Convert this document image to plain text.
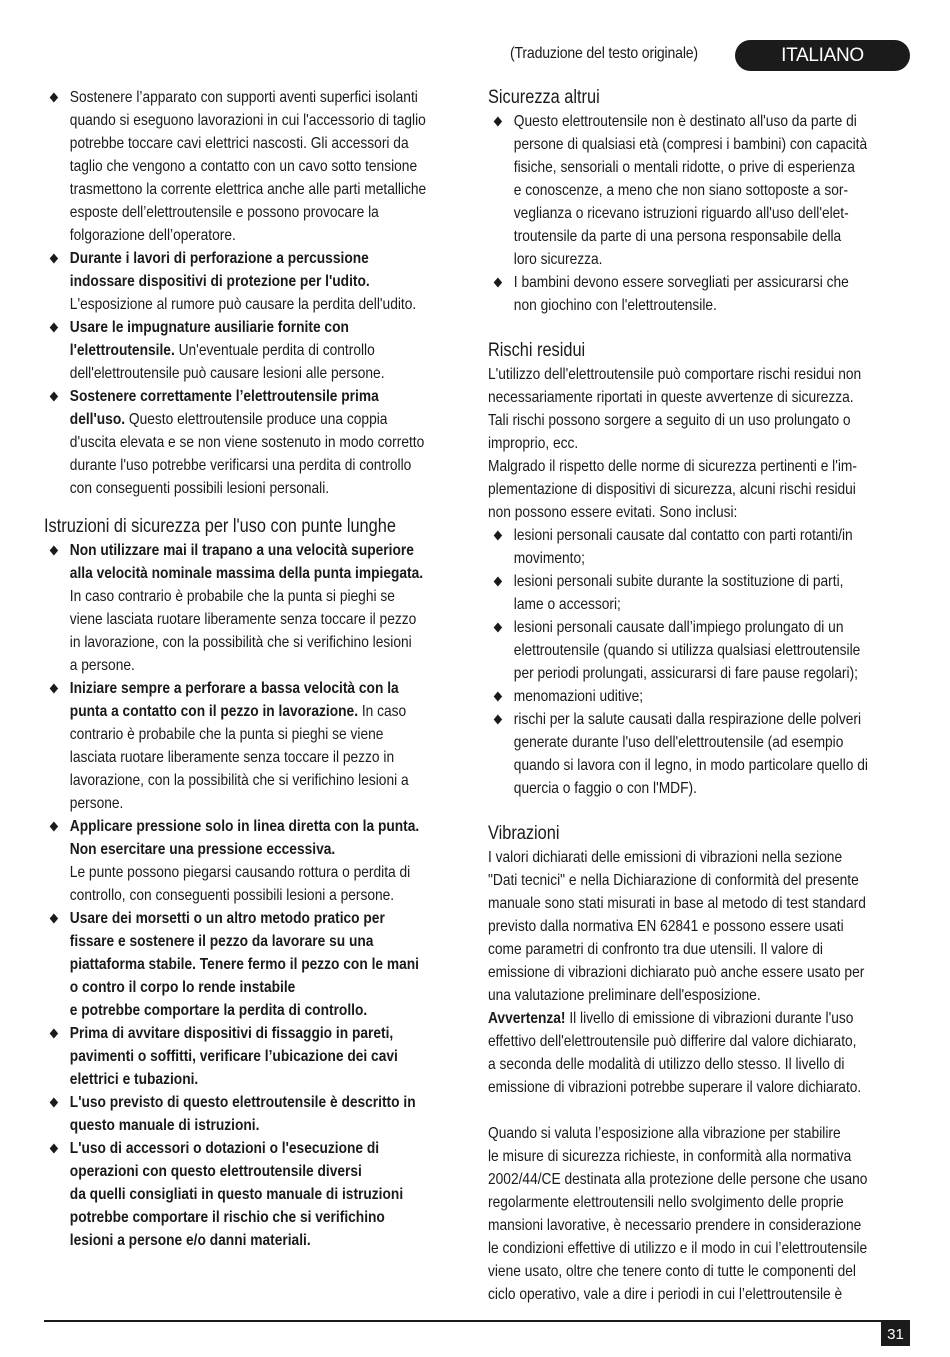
(Traduzione del testo originale)	ITALIANO
Sostenere l’apparato con supporti aventi superfici isolanti
quando si eseguono lavorazioni in cui l'accessorio di taglio
potrebbe toccare cavi elettrici nascosti. Gli accessori da
taglio che vengono a contatto con un cavo sotto tensione
trasmettono la corrente elettrica anche alle parti metalliche
esposte dell’elettroutensile e possono provocare la
folgorazione dell’operatore.
Durante i lavori di perforazione a percussione
indossare dispositivi di protezione per l'udito.
L'esposizione al rumore può causare la perdita dell'udito.
Usare le impugnature ausiliarie fornite con
l'elettroutensile. Un'eventuale perdita di controllo
dell'elettroutensile può causare lesioni alle persone.
Sostenere correttamente l’elettroutensile prima
dell'uso. Questo elettroutensile produce una coppia
d'uscita elevata e se non viene sostenuto in modo corretto
durante l'uso potrebbe verificarsi una perdita di controllo
con conseguenti possibili lesioni personali.
Istruzioni di sicurezza per l'uso con punte lunghe
Non utilizzare mai il trapano a una velocità superiore
alla velocità nominale massima della punta impiegata.
In caso contrario è probabile che la punta si pieghi se
viene lasciata ruotare liberamente senza toccare il pezzo
in lavorazione, con la possibilità che si verifichino lesioni
a persone.
Iniziare sempre a perforare a bassa velocità con la
punta a contatto con il pezzo in lavorazione. In caso
contrario è probabile che la punta si pieghi se viene
lasciata ruotare liberamente senza toccare il pezzo in
lavorazione, con la possibilità che si verifichino lesioni a
persone.
Applicare pressione solo in linea diretta con la punta.
Non esercitare una pressione eccessiva.
Le punte possono piegarsi causando rottura o perdita di
controllo, con conseguenti possibili lesioni a persone.
Usare dei morsetti o un altro metodo pratico per
fissare e sostenere il pezzo da lavorare su una
piattaforma stabile. Tenere fermo il pezzo con le mani
o contro il corpo lo rende instabile
e potrebbe comportare la perdita di controllo.
Prima di avvitare dispositivi di fissaggio in pareti,
pavimenti o soffitti, verificare l’ubicazione dei cavi
elettrici e tubazioni.
L'uso previsto di questo elettroutensile è descritto in
questo manuale di istruzioni.
L'uso di accessori o dotazioni o l'esecuzione di
operazioni con questo elettroutensile diversi
da quelli consigliati in questo manuale di istruzioni
potrebbe comportare il rischio che si verifichino
lesioni a persone e/o danni materiali.
Sicurezza altrui
Questo elettroutensile non è destinato all'uso da parte di
persone di qualsiasi età (compresi i bambini) con capacità
fisiche, sensoriali o mentali ridotte, o prive di esperienza
e conoscenze, a meno che non siano sottoposte a sor-
veglianza o ricevano istruzioni riguardo all'uso dell'elet-
troutensile da parte di una persona responsabile della
loro sicurezza.
I bambini devono essere sorvegliati per assicurarsi che
non giochino con l'elettroutensile.
Rischi residui
L'utilizzo dell'elettroutensile può comportare rischi residui non
necessariamente riportati in queste avvertenze di sicurezza.
Tali rischi possono sorgere a seguito di un uso prolungato o
improprio, ecc.
Malgrado il rispetto delle norme di sicurezza pertinenti e l'im-
plementazione di dispositivi di sicurezza, alcuni rischi residui
non possono essere evitati. Sono inclusi:
lesioni personali causate dal contatto con parti rotanti/in
movimento;
lesioni personali subite durante la sostituzione di parti,
lame o accessori;
lesioni personali causate dall’impiego prolungato di un
elettroutensile (quando si utilizza qualsiasi elettroutensile
per periodi prolungati, assicurarsi di fare pause regolari);
menomazioni uditive;
rischi per la salute causati dalla respirazione delle polveri
generate durante l'uso dell'elettroutensile (ad esempio
quando si lavora con il legno, in modo particolare quello di
quercia o faggio o con l'MDF).
Vibrazioni
I valori dichiarati delle emissioni di vibrazioni nella sezione
"Dati tecnici" e nella Dichiarazione di conformità del presente
manuale sono stati misurati in base al metodo di test standard
previsto dalla normativa EN 62841 e possono essere usati
come parametri di confronto tra due utensili. Il valore di
emissione di vibrazioni dichiarato può anche essere usato per
una valutazione preliminare dell'esposizione.
Avvertenza! Il livello di emissione di vibrazioni durante l'uso
effettivo dell'elettroutensile può differire dal valore dichiarato,
a seconda delle modalità di utilizzo dello stesso. Il livello di
emissione di vibrazioni potrebbe superare il valore dichiarato.
Quando si valuta l’esposizione alla vibrazione per stabilire
le misure di sicurezza richieste, in conformità alla normativa
2002/44/CE destinata alla protezione delle persone che usano
regolarmente elettroutensili nello svolgimento delle proprie
mansioni lavorative, è necessario prendere in considerazione
le condizioni effettive di utilizzo e il modo in cui l’elettroutensile
viene usato, oltre che tenere conto di tutte le componenti del
ciclo operativo, vale a dire i periodi in cui l’elettroutensile è
31
